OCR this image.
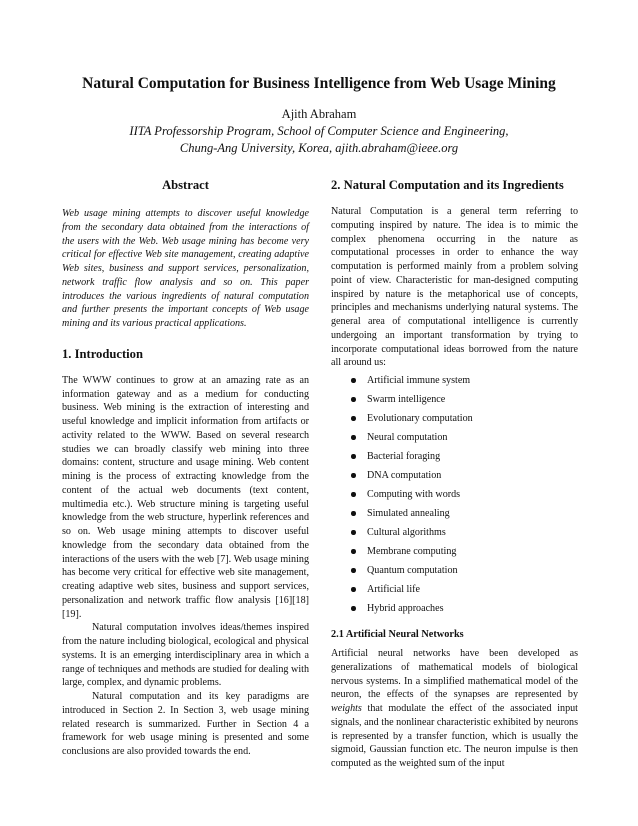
Natural Computation for Business Intelligence from Web Usage Mining
Ajith Abraham
IITA Professorship Program, School of Computer Science and Engineering,
Chung-Ang University, Korea, ajith.abraham@ieee.org
Abstract

Web usage mining attempts to discover useful knowledge from the secondary data obtained from the interactions of the users with the Web. Web usage mining has become very critical for effective Web site management, creating adaptive Web sites, business and support services, personalization, network traffic flow analysis and so on. This paper introduces the various ingredients of natural computation and further presents the important concepts of Web usage mining and its various practical applications.

1. Introduction

The WWW continues to grow at an amazing rate as an information gateway and as a medium for conducting business. Web mining is the extraction of interesting and useful knowledge and implicit information from artifacts or activity related to the WWW. Based on several research studies we can broadly classify web mining into three domains: content, structure and usage mining. Web content mining is the process of extracting knowledge from the content of the actual web documents (text content, multimedia etc.). Web structure mining is targeting useful knowledge from the web structure, hyperlink references and so on. Web usage mining attempts to discover useful knowledge from the secondary data obtained from the interactions of the users with the web [7]. Web usage mining has become very critical for effective web site management, creating adaptive web sites, business and support services, personalization and network traffic flow analysis [16][18][19].

Natural computation involves ideas/themes inspired from the nature including biological, ecological and physical systems. It is an emerging interdisciplinary area in which a range of techniques and methods are studied for dealing with large, complex, and dynamic problems.

Natural computation and its key paradigms are introduced in Section 2. In Section 3, web usage mining related research is summarized. Further in Section 4 a framework for web usage mining is presented and some conclusions are also provided towards the end.

2. Natural Computation and its Ingredients

Natural Computation is a general term referring to computing inspired by nature. The idea is to mimic the complex phenomena occurring in the nature as computational processes in order to enhance the way computation is performed mainly from a problem solving point of view. Characteristic for man-designed computing inspired by nature is the metaphorical use of concepts, principles and mechanisms underlying natural systems. The general area of computational intelligence is currently undergoing an important transformation by trying to incorporate computational ideas borrowed from the nature all around us:

Artificial immune system
Swarm intelligence
Evolutionary computation
Neural computation
Bacterial foraging
DNA computation
Computing with words
Simulated annealing
Cultural algorithms
Membrane computing
Quantum computation
Artificial life
Hybrid approaches
2.1 Artificial Neural Networks

Artificial neural networks have been developed as generalizations of mathematical models of biological nervous systems. In a simplified mathematical model of the neuron, the effects of the synapses are represented by weights that modulate the effect of the associated input signals, and the nonlinear characteristic exhibited by neurons is represented by a transfer function, which is usually the sigmoid, Gaussian function etc. The neuron impulse is then computed as the weighted sum of the input
